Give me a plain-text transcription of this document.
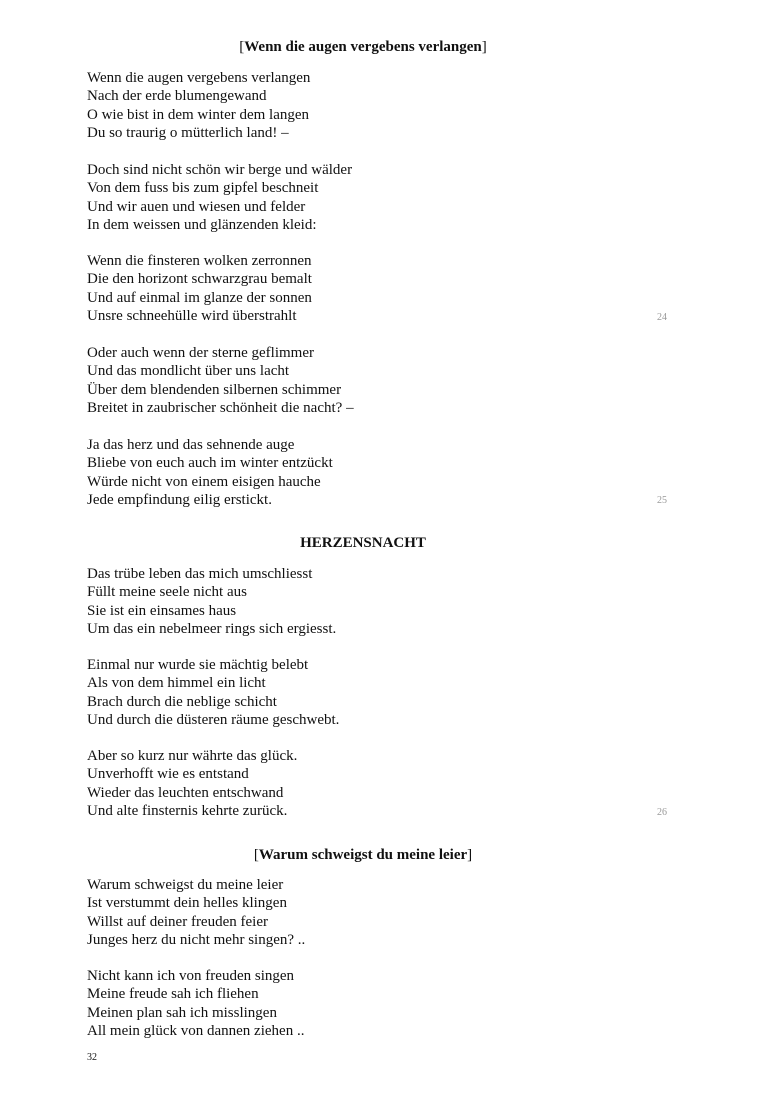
[Wenn die augen vergebens verlangen]
Wenn die augen vergebens verlangen
Nach der erde blumengewand
O wie bist in dem winter dem langen
Du so traurig o mütterlich land! –
Doch sind nicht schön wir berge und wälder
Von dem fuss bis zum gipfel beschneit
Und wir auen und wiesen und felder
In dem weissen und glänzenden kleid:
Wenn die finsteren wolken zerronnen
Die den horizont schwarzgrau bemalt
Und auf einmal im glanze der sonnen
Unsre schneehülle wird überstrahlt	24
Oder auch wenn der sterne geflimmer
Und das mondlicht über uns lacht
Über dem blendenden silbernen schimmer
Breitet in zaubrischer schönheit die nacht? –
Ja das herz und das sehnende auge
Bliebe von euch auch im winter entzückt
Würde nicht von einem eisigen hauche
Jede empfindung eilig erstickt.	25
HERZENSNACHT
Das trübe leben das mich umschliesst
Füllt meine seele nicht aus
Sie ist ein einsames haus
Um das ein nebelmeer rings sich ergiesst.
Einmal nur wurde sie mächtig belebt
Als von dem himmel ein licht
Brach durch die neblige schicht
Und durch die düsteren räume geschwebt.
Aber so kurz nur währte das glück.
Unverhofft wie es entstand
Wieder das leuchten entschwand
Und alte finsternis kehrte zurück.	26
[Warum schweigst du meine leier]
Warum schweigst du meine leier
Ist verstummt dein helles klingen
Willst auf deiner freuden feier
Junges herz du nicht mehr singen? ..
Nicht kann ich von freuden singen
Meine freude sah ich fliehen
Meinen plan sah ich misslingen
All mein glück von dannen ziehen ..
32
